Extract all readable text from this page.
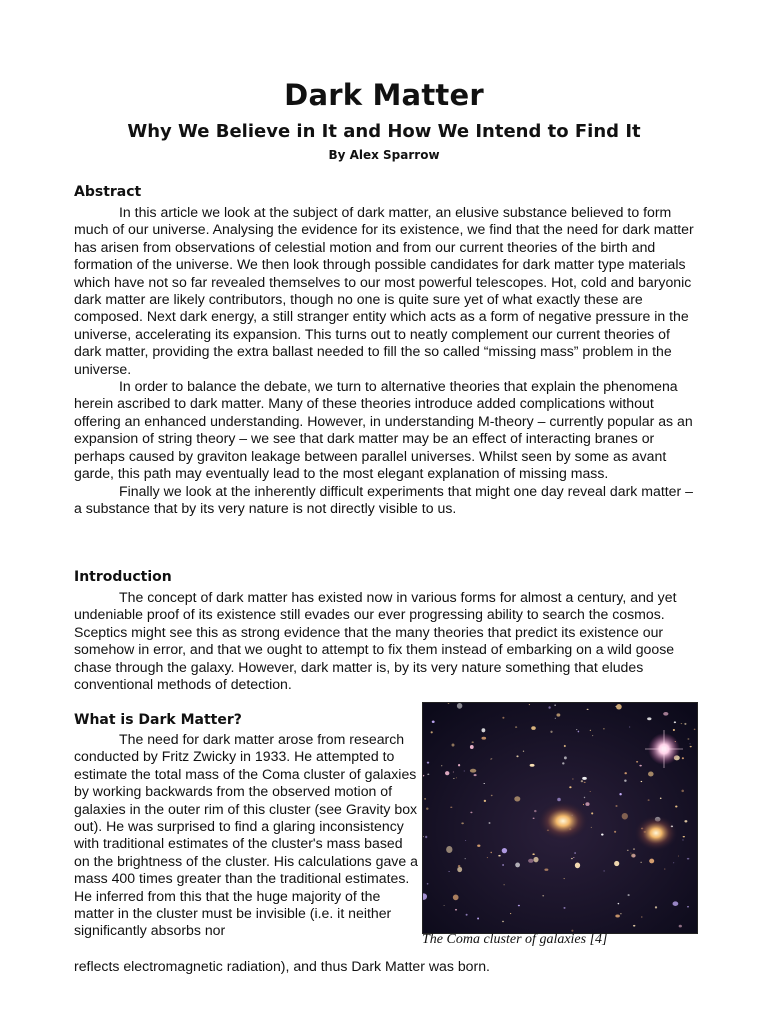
Dark Matter

Why We Believe in It and How We Intend to Find It

By Alex Sparrow

Abstract

In this article we look at the subject of dark matter, an elusive substance believed to form much of our universe. Analysing the evidence for its existence, we find that the need for dark matter has arisen from observations of celestial motion and from our current theories of the birth and formation of the universe. We then look through possible candidates for dark matter type materials which have not so far revealed themselves to our most powerful telescopes. Hot, cold and baryonic dark matter are likely contributors, though no one is quite sure yet of what exactly these are composed. Next dark energy, a still stranger entity which acts as a form of negative pressure in the universe, accelerating its expansion. This turns out to neatly complement our current theories of dark matter, providing the extra ballast needed to fill the so called “missing mass” problem in the universe.

In order to balance the debate, we turn to alternative theories that explain the phenomena herein ascribed to dark matter. Many of these theories introduce added complications without offering an enhanced understanding. However, in understanding M-theory – currently popular as an expansion of string theory – we see that dark matter may be an effect of interacting branes or perhaps caused by graviton leakage between parallel universes. Whilst seen by some as avant garde, this path may eventually lead to the most elegant explanation of missing mass.

Finally we look at the inherently difficult experiments that might one day reveal dark matter – a substance that by its very nature is not directly visible to us.

Introduction

The concept of dark matter has existed now in various forms for almost a century, and yet undeniable proof of its existence still evades our ever progressing ability to search the cosmos. Sceptics might see this as strong evidence that the many theories that predict its existence our somehow in error, and that we ought to attempt to fix them instead of embarking on a wild goose chase through the galaxy. However, dark matter is, by its very nature something that eludes conventional methods of detection.

What is Dark Matter?

The need for dark matter arose from research conducted by Fritz Zwicky in 1933. He attempted to estimate the total mass of the Coma cluster of galaxies by working backwards from the observed motion of galaxies in the outer rim of this cluster (see Gravity box out). He was surprised to find a glaring inconsistency with traditional estimates of the cluster's mass based on the brightness of the cluster. His calculations gave a mass 400 times greater than the traditional estimates. He inferred from this that the huge majority of the matter in the cluster must be invisible (i.e. it neither significantly absorbs nor

reflects electromagnetic radiation), and thus Dark Matter was born.

The Coma cluster of galaxies [4]
